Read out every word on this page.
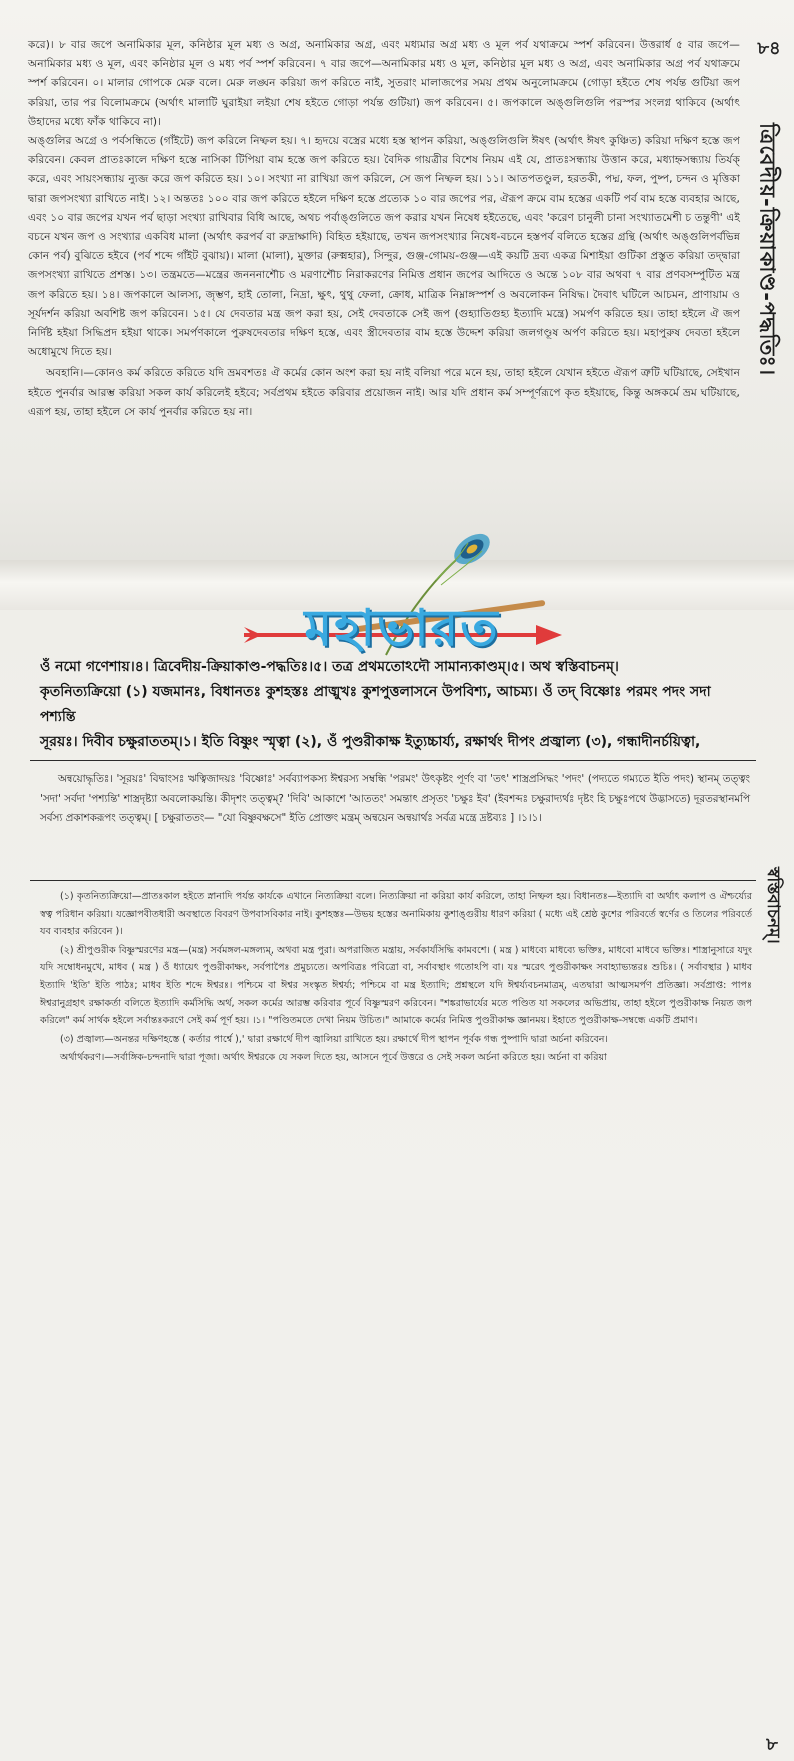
করে)। ৮ বার জপে অনামিকার মূল, কনিষ্ঠার মূল মধ্য ও অগ্র, অনামিকার অগ্র, এবং মধ্যমার অগ্র মধ্য ও মূল পর্ব যথাক্রমে স্পর্শ করিবেন। উত্তরার্ধ ৫ বার জপে—অনামিকার মধ্য ও মূল, এবং কনিষ্ঠার মূল ও মধ্য পর্ব স্পর্শ করিবেন। ৭ বার জপে—অনামিকার মধ্য ও মূল, কনিষ্ঠার মূল মধ্য ও অগ্র, এবং অনামিকার অগ্র পর্ব যথাক্রমে স্পর্শ করিবেন। ০। মালার গোপকে মেরু বলে। মেরু লঙ্ঘন করিয়া জপ করিতে নাই, সুতরাং মালাজপের সময় প্রথম অনুলোমক্রমে (গোড়া হইতে শেষ পর্যন্ত গুটিয়া জপ করিয়া, তার পর বিলোমক্রমে (অর্থাৎ মালাটি ঘুরাইয়া লইয়া শেষ হইতে গোড়া পর্যন্ত গুটিয়া) জপ করিবেন। ৫। জপকালে অঙ্গুলিগুলি পরস্পর সংলগ্ন থাকিবে (অর্থাৎ উহাদের মধ্যে ফাঁক থাকিবে না)।

অঙ্গুলির অগ্রে ও পর্বসন্ধিতে (গাঁইটে) জপ করিলে নিষ্ফল হয়। ৭। হৃদয়ে বস্ত্রের মধ্যে হস্ত স্থাপন করিয়া, অঙ্গুলিগুলি ঈষৎ (অর্থাৎ ঈষৎ কুঞ্চিত) করিয়া দক্ষিণ হস্তে জপ করিবেন। কেবল প্রাতঃকালে দক্ষিণ হস্তে নাসিকা টিপিয়া বাম হস্তে জপ করিতে হয়। বৈদিক গায়ত্রীর বিশেষ নিয়ম এই যে, প্রাতঃসন্ধ্যায় উত্তান করে, মধ্যাহ্নসন্ধ্যায় তির্যক্ করে, এবং সায়ংসন্ধ্যায় ন্যুব্জ করে জপ করিতে হয়। ১০। সংখ্যা না রাখিয়া জপ করিলে, সে জপ নিষ্ফল হয়। ১১। আতপতণ্ডুল, হরতকী, পদ্ম, ফল, পুষ্প, চন্দন ও মৃত্তিকা দ্বারা জপসংখ্যা রাখিতে নাই। ১২। অন্ততঃ ১০০ বার জপ করিতে হইলে দক্ষিণ হস্তে প্রত্যেক ১০ বার জপের পর, ঐরূপ ক্রমে বাম হস্তের একটি পর্ব বাম হস্তে ব্যবহার আছে, এবং ১০ বার জপের যখন পর্ব ছাড়া সংখ্যা রাখিবার বিধি আছে, অথচ পর্বাঙ্গুলিতে জপ করার যখন নিষেধ হইতেছে, এবং 'করেণ চানুলী চানা সংখ্যাতমেশী চ তন্তুণী' এই বচনে যখন জপ ও সংখ্যার একবিধ মালা (অর্থাৎ করপর্ব বা রুদ্রাক্ষাদি) বিহিত হইয়াছে, তখন জপসংখ্যার নিষেধ-বচনে হস্তপর্ব বলিতে হস্তের গ্রন্থি (অর্থাৎ অঙ্গুলিপর্বভিন্ন কোন পর্ব) বুঝিতে হইবে (পর্ব শব্দে গাঁইট বুঝায়)। মালা (মালা), মুক্তার (রুক্মহার), সিন্দুর, গুঞ্জ-গোময়-গুঞ্জ—এই কয়টি দ্রব্য একত্র মিশাইয়া গুটিকা প্রস্তুত করিয়া তদ্দ্বারা জপসংখ্যা রাখিতে প্রশস্ত। ১৩। তন্ত্রমতে—মন্ত্রের জনননাশৌচ ও মরণাশৌচ নিরাকরণের নিমিত্ত প্রধান জপের আদিতে ও অন্তে ১০৮ বার অথবা ৭ বার প্রণবসম্পুটিত মন্ত্র জপ করিতে হয়। ১৪। জপকালে আলস্য, জৃম্ভণ, হাই তোলা, নিদ্রা, ক্ষুৎ, থুথু ফেলা, ক্রোধ, মাত্রিক নিম্নাঙ্গস্পর্শ ও অবলোকন নিষিদ্ধ। দৈবাৎ ঘটিলে আচমন, প্রাণায়াম ও সূর্যদর্শন করিয়া অবশিষ্ট জপ করিবেন। ১৫। যে দেবতার মন্ত্র জপ করা হয়, সেই দেবতাকে সেই জপ (গুহ্যাতিগুহ্য ইত্যাদি মন্ত্রে) সমর্পণ করিতে হয়। তাহা হইলে ঐ জপ নির্দিষ্ট হইয়া সিদ্ধিপ্রদ হইয়া থাকে। সমর্পণকালে পুরুষদেবতার দক্ষিণ হস্তে, এবং স্ত্রীদেবতার বাম হস্তে উদ্দেশ করিয়া জলগণ্ডূষ অর্পণ করিতে হয়। মহাপুরুষ দেবতা হইলে অধোমুখে দিতে হয়।

অবহানি।—কোনও কর্ম করিতে করিতে যদি ভ্রমবশতঃ ঐ কর্মের কোন অংশ করা হয় নাই বলিয়া পরে মনে হয়, তাহা হইলে যেখান হইতে ঐরূপ ত্রুটি ঘটিয়াছে, সেইখান হইতে পুনর্বার আরম্ভ করিয়া সকল কার্য করিলেই হইবে; সর্বপ্রথম হইতে করিবার প্রয়োজন নাই। আর যদি প্রধান কর্ম সম্পূর্ণরূপে কৃত হইয়াছে, কিন্তু অঙ্গকর্মে ভ্রম ঘটিয়াছে, এরূপ হয়, তাহা হইলে সে কার্য পুনর্বার করিতে হয় না।

৮৪
ত্রিবেদীয়-ক্রিয়াকাণ্ড-পদ্ধতিঃ।

ওঁ নমো গণেশায়।৪। ত্রিবেদীয়-ক্রিয়াকাণ্ড-পদ্ধতিঃ।৫। তত্র প্রথমতোঽদৌ সামান্যকাণ্ডম্।৫। অথ স্বস্তিবাচনম্।

কৃতনিত্যক্রিয়ো (১) যজমানঃ, বিধানতঃ কুশহস্তঃ প্রাঙ্মুখঃ কুশপুত্তলাসনে উপবিশ্য, আচম্য। ওঁ তদ্ বিষ্ণোঃ পরমং পদং সদা পশ্যন্তি

সূরয়ঃ। দিবীব চক্ষুরাততম্।১। ইতি বিষ্ণুং স্মৃত্বা (২), ওঁ পুণ্ডরীকাক্ষ ইত্যুচ্চার্য্য, রক্ষার্থং দীপং প্রজ্বাল্য (৩), গন্ধাদীনর্চয়িত্বা,

অন্বয়োদ্ধৃতিঃ। 'সূরয়ঃ' বিদ্বাংসঃ ঋত্বিজাদয়ঃ 'বিষ্ণোঃ' সর্বব্যাপকস্য ঈশ্বরস্য সম্বন্ধি 'পরমং' উৎকৃষ্টং পূর্ণং বা 'তৎ' শাস্ত্রপ্রসিদ্ধং 'পদং' (পদ্যতে গম্যতে ইতি পদং) স্থানম্ তত্ত্বং 'সদা' সর্বদা 'পশ্যন্তি' শাস্ত্রদৃষ্ট্যা অবলোকয়ন্তি। কীদৃশং তত্ত্বম্? 'দিবি' আকাশে 'আততং' সমন্তাৎ প্রসৃতং 'চক্ষুঃ ইব' (ইবশব্দঃ চক্ষুরাদ্যর্থঃ দৃষ্টং হি চক্ষুঃপথে উদ্ভাসতে) দূরতরস্থানমপি সর্বস্য প্রকাশকরূপং তত্ত্বম্। [ চক্ষুরাততং— "যো বিষ্ণুবক্ষসে" ইতি প্রোক্তং মন্ত্রম্ অন্বয়েন অন্বয়ার্থঃ সর্বত্র মন্ত্রে দ্রষ্টব্যঃ ] ।১।১।

(১) কৃতনিত্যক্রিয়ো—প্রাতঃকাল হইতে স্নানাদি পর্যন্ত কার্যকে এখানে নিত্যক্রিয়া বলে। নিত্যক্রিয়া না করিয়া কার্য করিলে, তাহা নিষ্ফল হয়। বিধানতঃ—ইত্যাদি বা অর্থাৎ কলাপ ও ঐশ্চর্য্যের স্বত্ব পরিধান করিয়া। যজ্ঞোপবীতধারী অবস্থাতে বিবরণ উপবাসবিকার নাই। কুশহস্তঃ—উভয় হস্তের অনামিকায় কুশাঙ্গুরীয় ধারণ করিয়া ( মধ্যে এই শ্রেষ্ঠ কুশের পরিবর্তে স্বর্ণের ও তিলের পরিবর্তে যব ব্যবহার করিবেন )।

(২) শ্রীপুণ্ডরীক বিষ্ণুস্মরণের মন্ত্র—(মন্ত্র) সর্বমঙ্গল-মঙ্গল্যম্, অথবা মন্ত্র পুরা। অপরাজিত মন্ত্রায়, সর্বকার্যসিদ্ধি কামবশে। ( মন্ত্র ) মাধব্যে মাধব্যে ভক্তিঃ, মাধবো মাধবে ভক্তিঃ। শাস্ত্রানুসারে যদুং যদি সম্বোধনমুখে, মাধব ( মন্ত্র ) ওঁ ধ্যায়েৎ পুণ্ডরীকাক্ষং, সর্বপাপৈঃ প্রমুচ্যতে। অপবিত্রঃ পবিত্রো বা, সর্বাবস্থাং গতোঽপি বা। যঃ স্মরেৎ পুণ্ডরীকাক্ষং সবাহ্যাভ্যন্তরঃ শুচিঃ। ( সর্বাবস্থার ) মাধব ইত্যাদি 'ইতি' ইতি পাঠঃ; মাধব ইতি শব্দে ঈশ্বরঃ। পশ্চিমে বা ঈশ্বর সংস্কৃত ঈশ্বর্য্য; পশ্চিমে বা মন্ত্র ইত্যাদি; প্রশ্নস্থলে যদি ঈশ্বর্য্যবচনমাত্রম্, এতদ্বারা আত্মসমর্পণ প্রতিজ্ঞা। সর্বপ্রাপ্ত: পাপঃ ঈশ্বরানুগ্রহাৎ রক্ষাকর্তা বলিতে ইত্যাদি কর্মসিদ্ধি অর্থ, সকল কর্মের আরম্ভ করিবার পূর্বে বিষ্ণুস্মরণ করিবেন। "শঙ্করাভার্যের মতে পণ্ডিত যা সকলের অভিপ্রায়, তাহা হইলে পুণ্ডরীকাক্ষ নিয়ত জপ করিলে" কর্ম সার্থক হইলে সর্বান্তঃকরণে সেই কর্ম পূর্ণ হয়। ।১। "পণ্ডিতমতে দেখা নিয়ম উচিত।" আমাকে কর্মের নিমিত্ত পুণ্ডরীকাক্ষ জ্ঞানময়। ইহাতে পুণ্ডরীকাক্ষ-সম্বন্ধে একটি প্রমাণ।

(৩) প্রজ্বাল্য—অনন্তর দক্ষিণহস্তে ( কর্তার পার্শ্বে ),' দ্বারা রক্ষার্থে দীপ জ্বালিয়া রাখিতে হয়। রক্ষার্থে দীপ স্থাপন পূর্বক গন্ধ পুষ্পাদি দ্বারা অর্চনা করিবেন।

অর্থার্থকরণ।—সর্বাঙ্গিক-চন্দনাদি দ্বারা পূজা। অর্থাৎ ঈশ্বরকে যে সকল দিতে হয়, আসনে পূর্বে উত্তরে ও সেই সকল অর্চনা করিতে হয়। অর্চনা বা করিয়া

স্বস্তিবাচনম্।
৮
মহাভারত
